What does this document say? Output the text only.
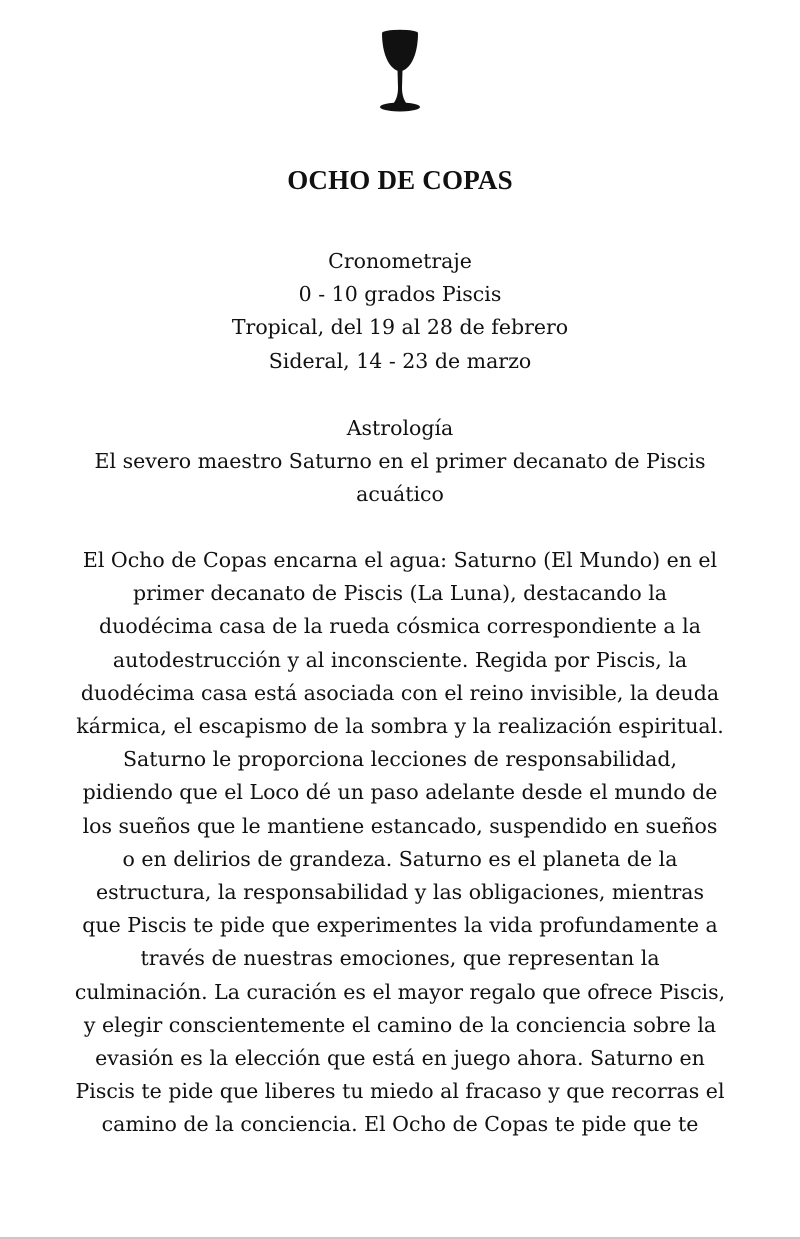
OCHO DE COPAS
Cronometraje
0 - 10 grados Piscis
Tropical, del 19 al 28 de febrero
Sideral, 14 - 23 de marzo
Astrología
El severo maestro Saturno en el primer decanato de Piscis
acuático
El Ocho de Copas encarna el agua: Saturno (El Mundo) en el
primer decanato de Piscis (La Luna), destacando la
duodécima casa de la rueda cósmica correspondiente a la
autodestrucción y al inconsciente. Regida por Piscis, la
duodécima casa está asociada con el reino invisible, la deuda
kármica, el escapismo de la sombra y la realización espiritual.
Saturno le proporciona lecciones de responsabilidad,
pidiendo que el Loco dé un paso adelante desde el mundo de
los sueños que le mantiene estancado, suspendido en sueños
o en delirios de grandeza. Saturno es el planeta de la
estructura, la responsabilidad y las obligaciones, mientras
que Piscis te pide que experimentes la vida profundamente a
través de nuestras emociones, que representan la
culminación. La curación es el mayor regalo que ofrece Piscis,
y elegir conscientemente el camino de la conciencia sobre la
evasión es la elección que está en juego ahora. Saturno en
Piscis te pide que liberes tu miedo al fracaso y que recorras el
camino de la conciencia. El Ocho de Copas te pide que te
